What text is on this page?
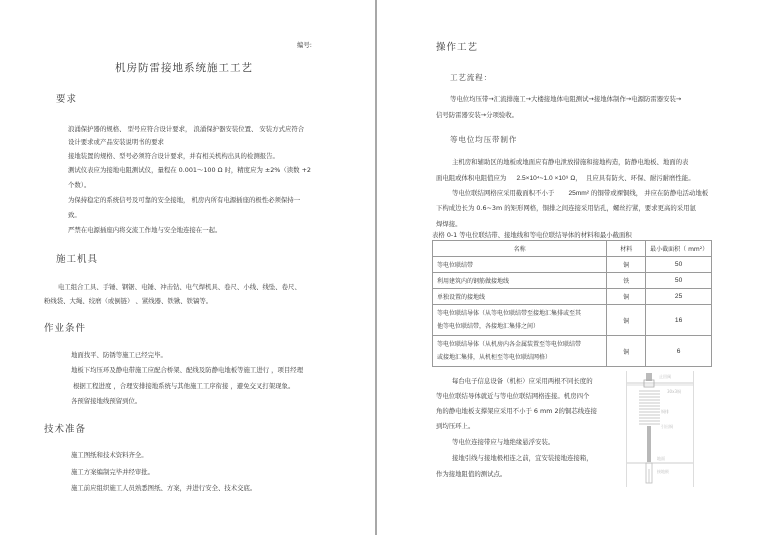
编号:
机房防雷接地系统施工工艺
要求
浪涌保护器的规格、 型号应符合设计要求， 浪涌保护器安装位置、 安装方式应符合
设计要求或产品安装说明书的要求
接地装置的规格、型号必须符合设计要求，并有相关机构出具的检测报告。
测试仪表应为接地电阻测试仪，量程在 0.001～100 Ω 时，精度应为 ±2%（读数 +2
个数）。
为保持稳定的系统信号及可靠的安全接地， 机房内所有电源插座的极性必须保持一
致。
严禁在电源插座内将交流工作地与安全地连接在一起。
施工机具
电工组合工具、手锤、钢锯、电锤、冲击钻、电气焊机具、卷尺、小线、线坠、卷尺、
粉线袋、大绳、绞磨（或倒链） 、紧线器、铁锹、铁镐等。
作业条件
地面找平、防锈等施工已经完毕。
地板下均压环及静电带施工应配合桥架、配线及防静电地板等施工进行 ，项目经理
根据工程进度 ，合理安排接地系统与其他施工工序衔接 ，避免交叉打架现象。
各预留接地线预留到位。
技术准备
施工图纸和技术资料齐全。
施工方案编制完毕并经审批。
施工前应组织施工人员熟悉图纸、方案，并进行安全、技术交底。
操作工艺
工艺流程：
等电位均压带→汇流排施工→大楼接地体电阻测试→接地体制作→电源防雷器安装→
信号防雷器安装→分项验收。
等电位均压带制作
主机房和辅助区的地板或地面应有静电泄放措施和接地构造，防静电地板、地面的表
面电阻或体积电阻值应为 2.5×10⁴~1.0 ×10⁹ Ω， 且应具有防火、环保、耐污耐磨性能。
等电位联结网格应采用截面积不小于 25mm² 的铜带或裸铜线， 并应在防静电活动地板
下构成边长为 0.6~3m 的矩形网格，铜排之间连接采用钻孔，螺丝拧紧，要求更高的采用氩
焊焊接。
表格 0-1 等电位联结带、接地线和等电位联结导体的材料和最小截面积
名称	材料	最小截面积（ mm²）
等电位联结带	铜	50
利用建筑内的钢筋做接地线	铁	50
单独设置的接地线	铜	25

等电位联结导体（从等电位联结带至接地汇集排或至其
他等电位联结带，各接地汇集排之间）	铜	16

等电位联结导体（从机房内各金属装置至等电位联结带
或接地汇集排，从机柜至等电位联结网格）	铜	6
每台电子信息设备（机柜）应采用两根不同长度的
等电位联结导体就近与等电位联结网格连接。机房四个
角的静电地板支撑架应采用不小于 6 mm 2的铜芯线连接
到均压环上。
等电位连接带应与地绝缘悬浮安装。
接地引线与接地极相连之前，宜安装接地连接箱，
作为接地阻值的测试点。
止回阀
30x3铜
铜排
引出铜
地面
接地极
